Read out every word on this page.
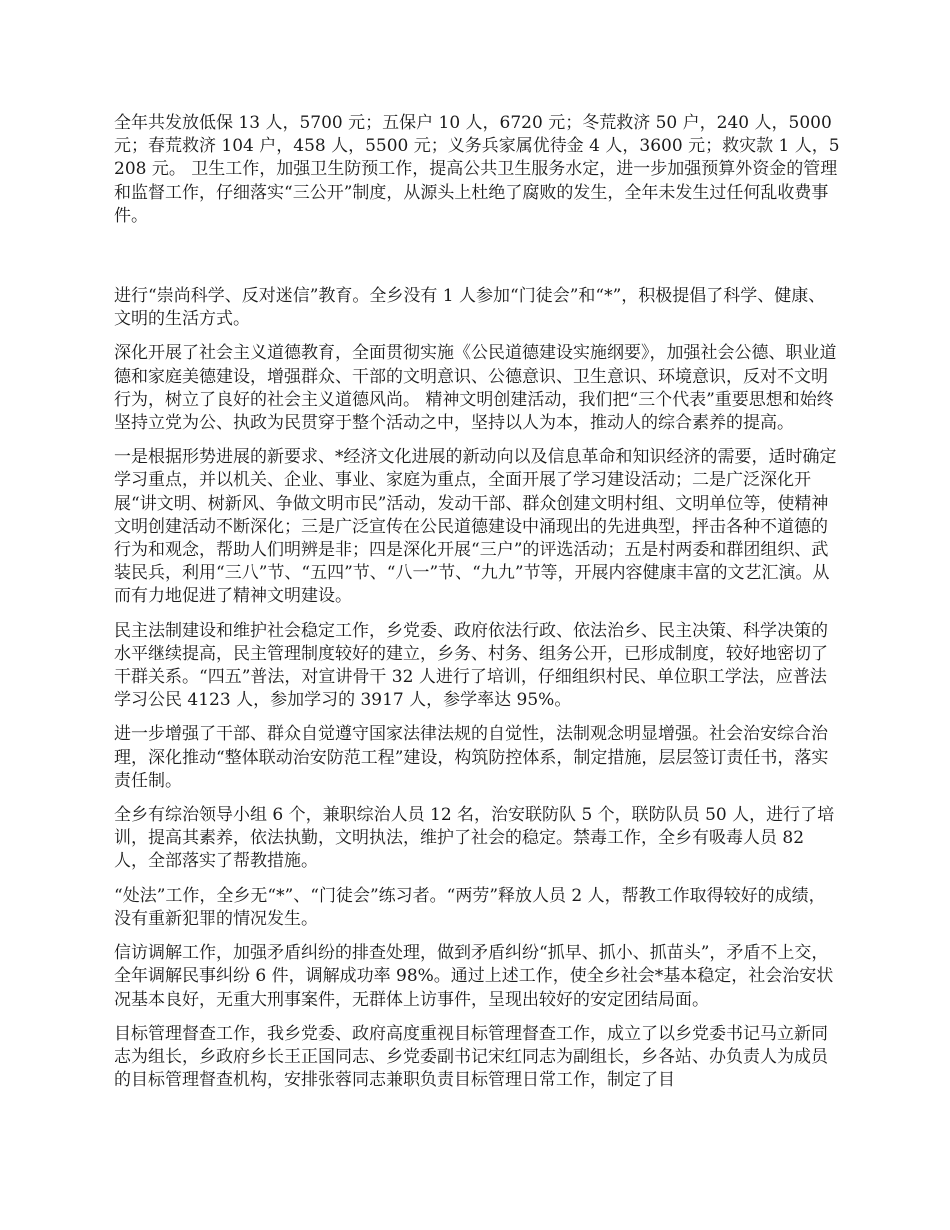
全年共发放低保 13 人，5700 元；五保户 10 人，6720 元；冬荒救济 50 户，240 人，5000 元；春荒救济 104 户，458 人，5500 元；义务兵家属优待金 4 人，3600 元；救灾款 1 人，5208 元。 卫生工作，加强卫生防预工作，提高公共卫生服务水定，进一步加强预算外资金的管理和监督工作，仔细落实“三公开”制度，从源头上杜绝了腐败的发生，全年未发生过任何乱收费事件。

进行“崇尚科学、反对迷信”教育。全乡没有 1 人参加“门徒会”和“*”，积极提倡了科学、健康、文明的生活方式。

深化开展了社会主义道德教育，全面贯彻实施《公民道德建设实施纲要》，加强社会公德、职业道德和家庭美德建设，增强群众、干部的文明意识、公德意识、卫生意识、环境意识，反对不文明行为，树立了良好的社会主义道德风尚。 精神文明创建活动，我们把“三个代表”重要思想和始终坚持立党为公、执政为民贯穿于整个活动之中，坚持以人为本，推动人的综合素养的提高。

一是根据形势进展的新要求、*经济文化进展的新动向以及信息革命和知识经济的需要，适时确定学习重点，并以机关、企业、事业、家庭为重点，全面开展了学习建设活动；二是广泛深化开展“讲文明、树新风、争做文明市民”活动，发动干部、群众创建文明村组、文明单位等，使精神文明创建活动不断深化；三是广泛宣传在公民道德建设中涌现出的先进典型，抨击各种不道德的行为和观念，帮助人们明辨是非；四是深化开展“三户”的评选活动；五是村两委和群团组织、武装民兵，利用“三八”节、“五四”节、“八一”节、“九九”节等，开展内容健康丰富的文艺汇演。从而有力地促进了精神文明建设。

民主法制建设和维护社会稳定工作，乡党委、政府依法行政、依法治乡、民主决策、科学决策的水平继续提高，民主管理制度较好的建立，乡务、村务、组务公开，已形成制度，较好地密切了干群关系。“四五”普法，对宣讲骨干 32 人进行了培训，仔细组织村民、单位职工学法，应普法学习公民 4123 人，参加学习的 3917 人，参学率达 95%。

进一步增强了干部、群众自觉遵守国家法律法规的自觉性，法制观念明显增强。社会治安综合治理，深化推动“整体联动治安防范工程”建设，构筑防控体系，制定措施，层层签订责任书，落实责任制。

全乡有综治领导小组 6 个，兼职综治人员 12 名，治安联防队 5 个，联防队员 50 人，进行了培训，提高其素养，依法执勤，文明执法，维护了社会的稳定。禁毒工作，全乡有吸毒人员 82 人，全部落实了帮教措施。

“处法”工作，全乡无“*”、“门徒会”练习者。“两劳”释放人员 2 人，帮教工作取得较好的成绩，没有重新犯罪的情况发生。

信访调解工作，加强矛盾纠纷的排查处理，做到矛盾纠纷“抓早、抓小、抓苗头”，矛盾不上交，全年调解民事纠纷 6 件，调解成功率 98%。通过上述工作，使全乡社会*基本稳定，社会治安状况基本良好，无重大刑事案件，无群体上访事件，呈现出较好的安定团结局面。

目标管理督查工作，我乡党委、政府高度重视目标管理督查工作，成立了以乡党委书记马立新同志为组长，乡政府乡长王正国同志、乡党委副书记宋红同志为副组长，乡各站、办负责人为成员的目标管理督查机构，安排张蓉同志兼职负责目标管理日常工作，制定了目
